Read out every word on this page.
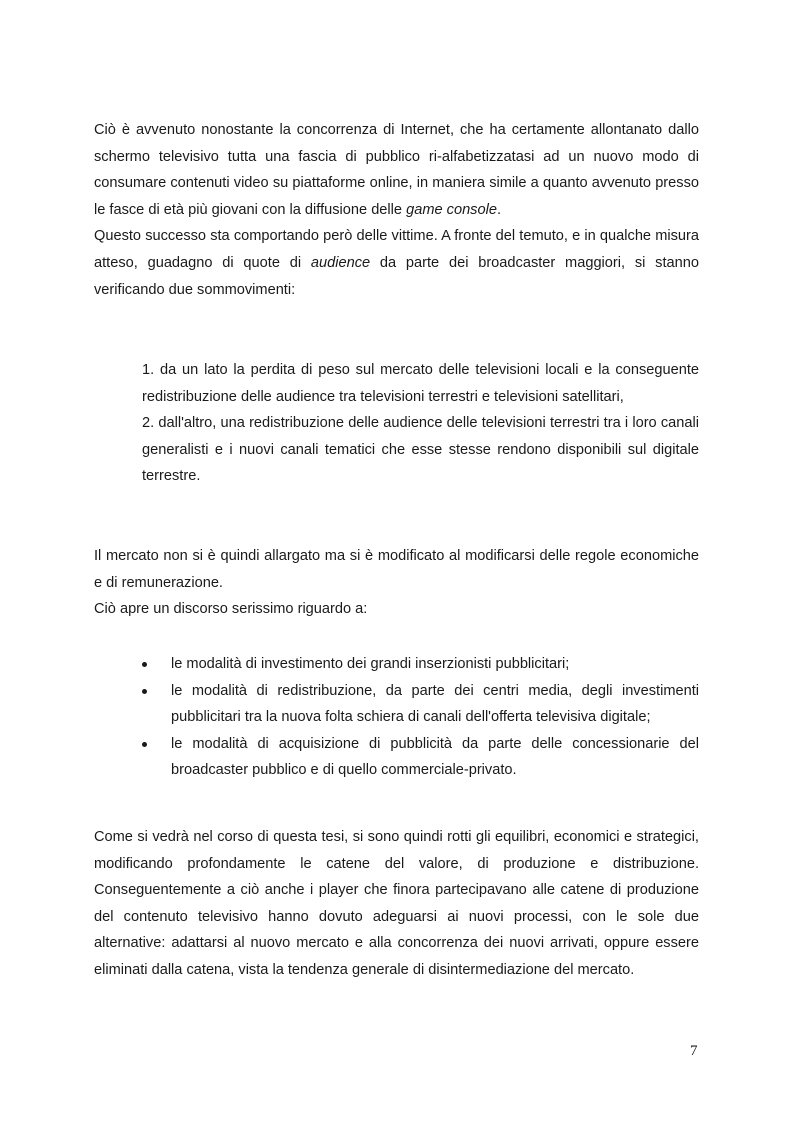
Ciò è avvenuto nonostante la concorrenza di Internet, che ha certamente allontanato dallo schermo televisivo tutta una fascia di pubblico ri-alfabetizzatasi ad un nuovo modo di consumare contenuti video su piattaforme online, in maniera simile a quanto avvenuto presso le fasce di età più giovani con la diffusione delle game console.

Questo successo sta comportando però delle vittime. A fronte del temuto, e in qualche misura atteso, guadagno di quote di audience da parte dei broadcaster maggiori, si stanno verificando due sommovimenti:

1. da un lato la perdita di peso sul mercato delle televisioni locali e la conseguente redistribuzione delle audience tra televisioni terrestri e televisioni satellitari,
2. dall'altro, una redistribuzione delle audience delle televisioni terrestri tra i loro canali generalisti e i nuovi canali tematici che esse stesse rendono disponibili sul digitale terrestre.

Il mercato non si è quindi allargato ma si è modificato al modificarsi delle regole economiche e di remunerazione.

Ciò apre un discorso serissimo riguardo a:

le modalità di investimento dei grandi inserzionisti pubblicitari;
le modalità di redistribuzione, da parte dei centri media, degli investimenti pubblicitari tra la nuova folta schiera di canali dell'offerta televisiva digitale;
le modalità di acquisizione di pubblicità da parte delle concessionarie del broadcaster pubblico e di quello commerciale-privato.

Come si vedrà nel corso di questa tesi, si sono quindi rotti gli equilibri, economici e strategici, modificando profondamente le catene del valore, di produzione e distribuzione. Conseguentemente a ciò anche i player che finora partecipavano alle catene di produzione del contenuto televisivo hanno dovuto adeguarsi ai nuovi processi, con le sole due alternative: adattarsi al nuovo mercato e alla concorrenza dei nuovi arrivati, oppure essere eliminati dalla catena, vista la tendenza generale di disintermediazione del mercato.

7
